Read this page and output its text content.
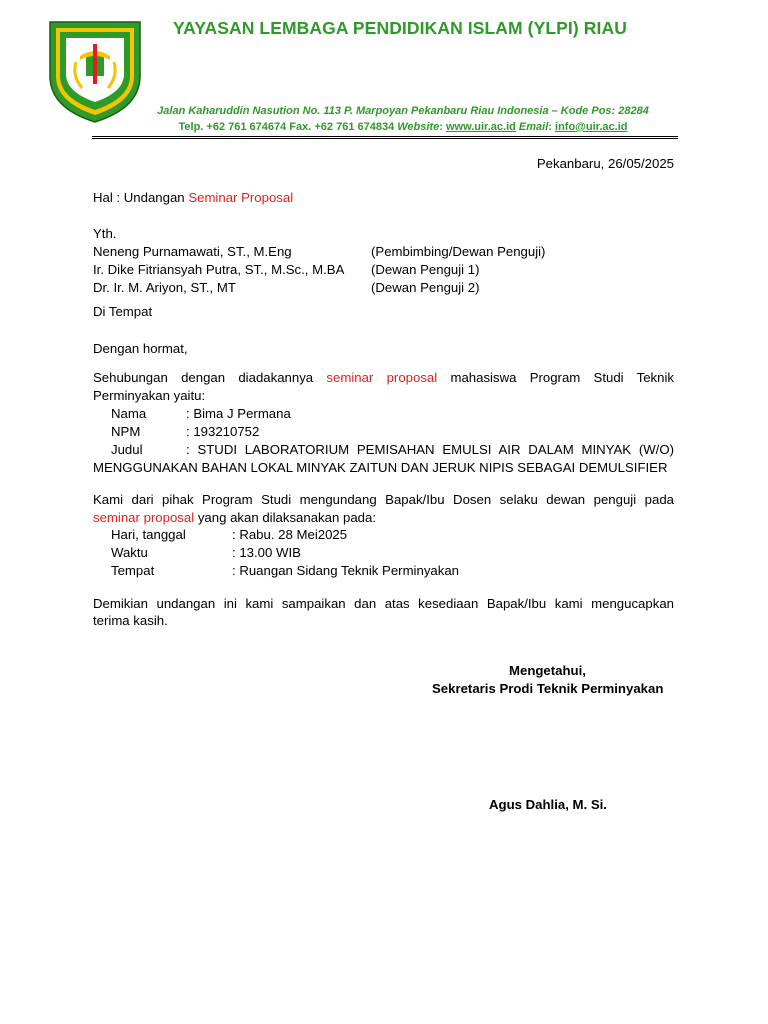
YAYASAN LEMBAGA PENDIDIKAN ISLAM (YLPI) RIAU
Jalan Kaharuddin Nasution No. 113 P. Marpoyan Pekanbaru Riau Indonesia – Kode Pos: 28284
Telp. +62 761 674674 Fax. +62 761 674834 Website: www.uir.ac.id Email: info@uir.ac.id
Pekanbaru, 26/05/2025
Hal : Undangan Seminar Proposal
Yth.
Neneng Purnamawati, ST., M.Eng	(Pembimbing/Dewan Penguji)
Ir. Dike Fitriansyah Putra, ST., M.Sc., M.BA (Dewan Penguji 1)
Dr. Ir. M. Ariyon, ST., MT	(Dewan Penguji 2)
Di Tempat
Dengan hormat,
Sehubungan dengan diadakannya seminar proposal mahasiswa Program Studi Teknik Perminyakan yaitu:
Nama	: Bima J Permana
NPM	: 193210752
Judul	: STUDI LABORATORIUM PEMISAHAN EMULSI AIR DALAM MINYAK (W/O)
MENGGUNAKAN BAHAN LOKAL MINYAK ZAITUN DAN JERUK NIPIS SEBAGAI DEMULSIFIER
Kami dari pihak Program Studi mengundang Bapak/Ibu Dosen selaku dewan penguji pada
seminar proposal yang akan dilaksanakan pada:
Hari, tanggal	: Rabu. 28 Mei2025
Waktu	: 13.00 WIB
Tempat	: Ruangan Sidang Teknik Perminyakan
Demikian undangan ini kami sampaikan dan atas kesediaan Bapak/Ibu kami mengucapkan
terima kasih.
Mengetahui,
Sekretaris Prodi Teknik Perminyakan
Agus Dahlia, M. Si.
